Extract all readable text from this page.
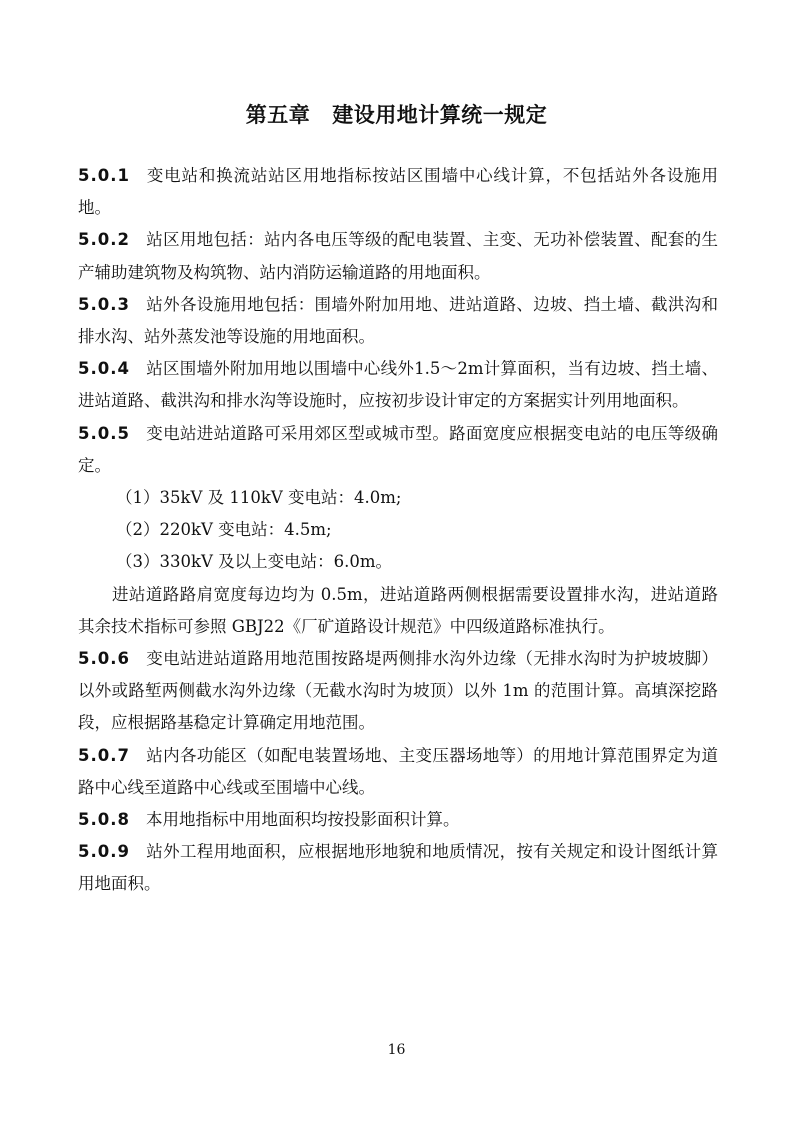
第五章 建设用地计算统一规定

5.0.1 变电站和换流站站区用地指标按站区围墙中心线计算，不包括站外各设施用地。

5.0.2 站区用地包括：站内各电压等级的配电装置、主变、无功补偿装置、配套的生产辅助建筑物及构筑物、站内消防运输道路的用地面积。

5.0.3 站外各设施用地包括：围墙外附加用地、进站道路、边坡、挡土墙、截洪沟和排水沟、站外蒸发池等设施的用地面积。

5.0.4 站区围墙外附加用地以围墙中心线外1.5～2m计算面积，当有边坡、挡土墙、进站道路、截洪沟和排水沟等设施时，应按初步设计审定的方案据实计列用地面积。

5.0.5 变电站进站道路可采用郊区型或城市型。路面宽度应根据变电站的电压等级确定。

（1）35kV 及 110kV 变电站：4.0m;

（2）220kV 变电站：4.5m;

（3）330kV 及以上变电站：6.0m。

进站道路路肩宽度每边均为 0.5m，进站道路两侧根据需要设置排水沟，进站道路其余技术指标可参照 GBJ22《厂矿道路设计规范》中四级道路标准执行。

5.0.6 变电站进站道路用地范围按路堤两侧排水沟外边缘（无排水沟时为护坡坡脚）以外或路堑两侧截水沟外边缘（无截水沟时为坡顶）以外 1m 的范围计算。高填深挖路段，应根据路基稳定计算确定用地范围。

5.0.7 站内各功能区（如配电装置场地、主变压器场地等）的用地计算范围界定为道路中心线至道路中心线或至围墙中心线。

5.0.8 本用地指标中用地面积均按投影面积计算。

5.0.9 站外工程用地面积，应根据地形地貌和地质情况，按有关规定和设计图纸计算用地面积。

16
